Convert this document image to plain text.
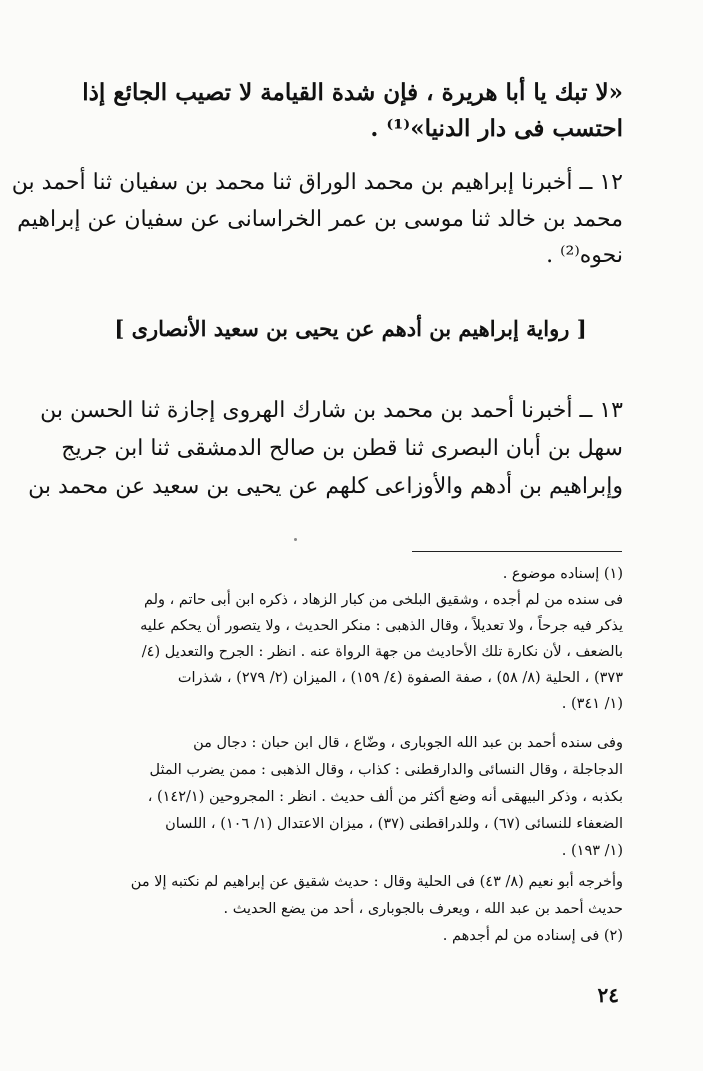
«لا تبك يا أبا هريرة ، فإن شدة القيامة لا تصيب الجائع إذا
احتسب فى دار الدنيا»⁽¹⁾ .
١٢ ــ أخبرنا إبراهيم بن محمد الوراق ثنا محمد بن سفيان ثنا أحمد بن
محمد بن خالد ثنا موسى بن عمر الخراسانى عن سفيان عن إبراهيم
نحوه⁽²⁾ .
[ رواية إبراهيم بن أدهم عن يحيى بن سعيد الأنصارى ]
١٣ ــ أخبرنا أحمد بن محمد بن شارك الهروى إجازة ثنا الحسن بن
سهل بن أبان البصرى ثنا قطن بن صالح الدمشقى ثنا ابن جريج
وإبراهيم بن أدهم والأوزاعى كلهم عن يحيى بن سعيد عن محمد بن
(١) إسناده موضوع .
فى سنده من لم أجده ، وشقيق البلخى من كبار الزهاد ، ذكره ابن أبى حاتم ، ولم
يذكر فيه جرحاً ، ولا تعديلاً ، وقال الذهبى : منكر الحديث ، ولا يتصور أن يحكم عليه
بالضعف ، لأن نكارة تلك الأحاديث من جهة الرواة عنه . انظر : الجرح والتعديل (٤/
٣٧٣) ، الحلية (٨/ ٥٨) ، صفة الصفوة (٤/ ١٥٩) ، الميزان (٢/ ٢٧٩) ، شذرات
(١/ ٣٤١) .
وفى سنده أحمد بن عبد الله الجوبارى ، وضّاع ، قال ابن حبان : دجال من
الدجاجلة ، وقال النسائى والدارقطنى : كذاب ، وقال الذهبى : ممن يضرب المثل
بكذبه ، وذكر البيهقى أنه وضع أكثر من ألف حديث . انظر : المجروحين (١٤٢/١) ،
الضعفاء للنسائى (٦٧) ، وللدراقطنى (٣٧) ، ميزان الاعتدال (١/ ١٠٦) ، اللسان
(١/ ١٩٣) .
وأخرجه أبو نعيم (٨/ ٤٣) فى الحلية وقال : حديث شقيق عن إبراهيم لم نكتبه إلا من
حديث أحمد بن عبد الله ، ويعرف بالجوبارى ، أحد من يضع الحديث .
(٢) فى إسناده من لم أجدهم .
٢٤
